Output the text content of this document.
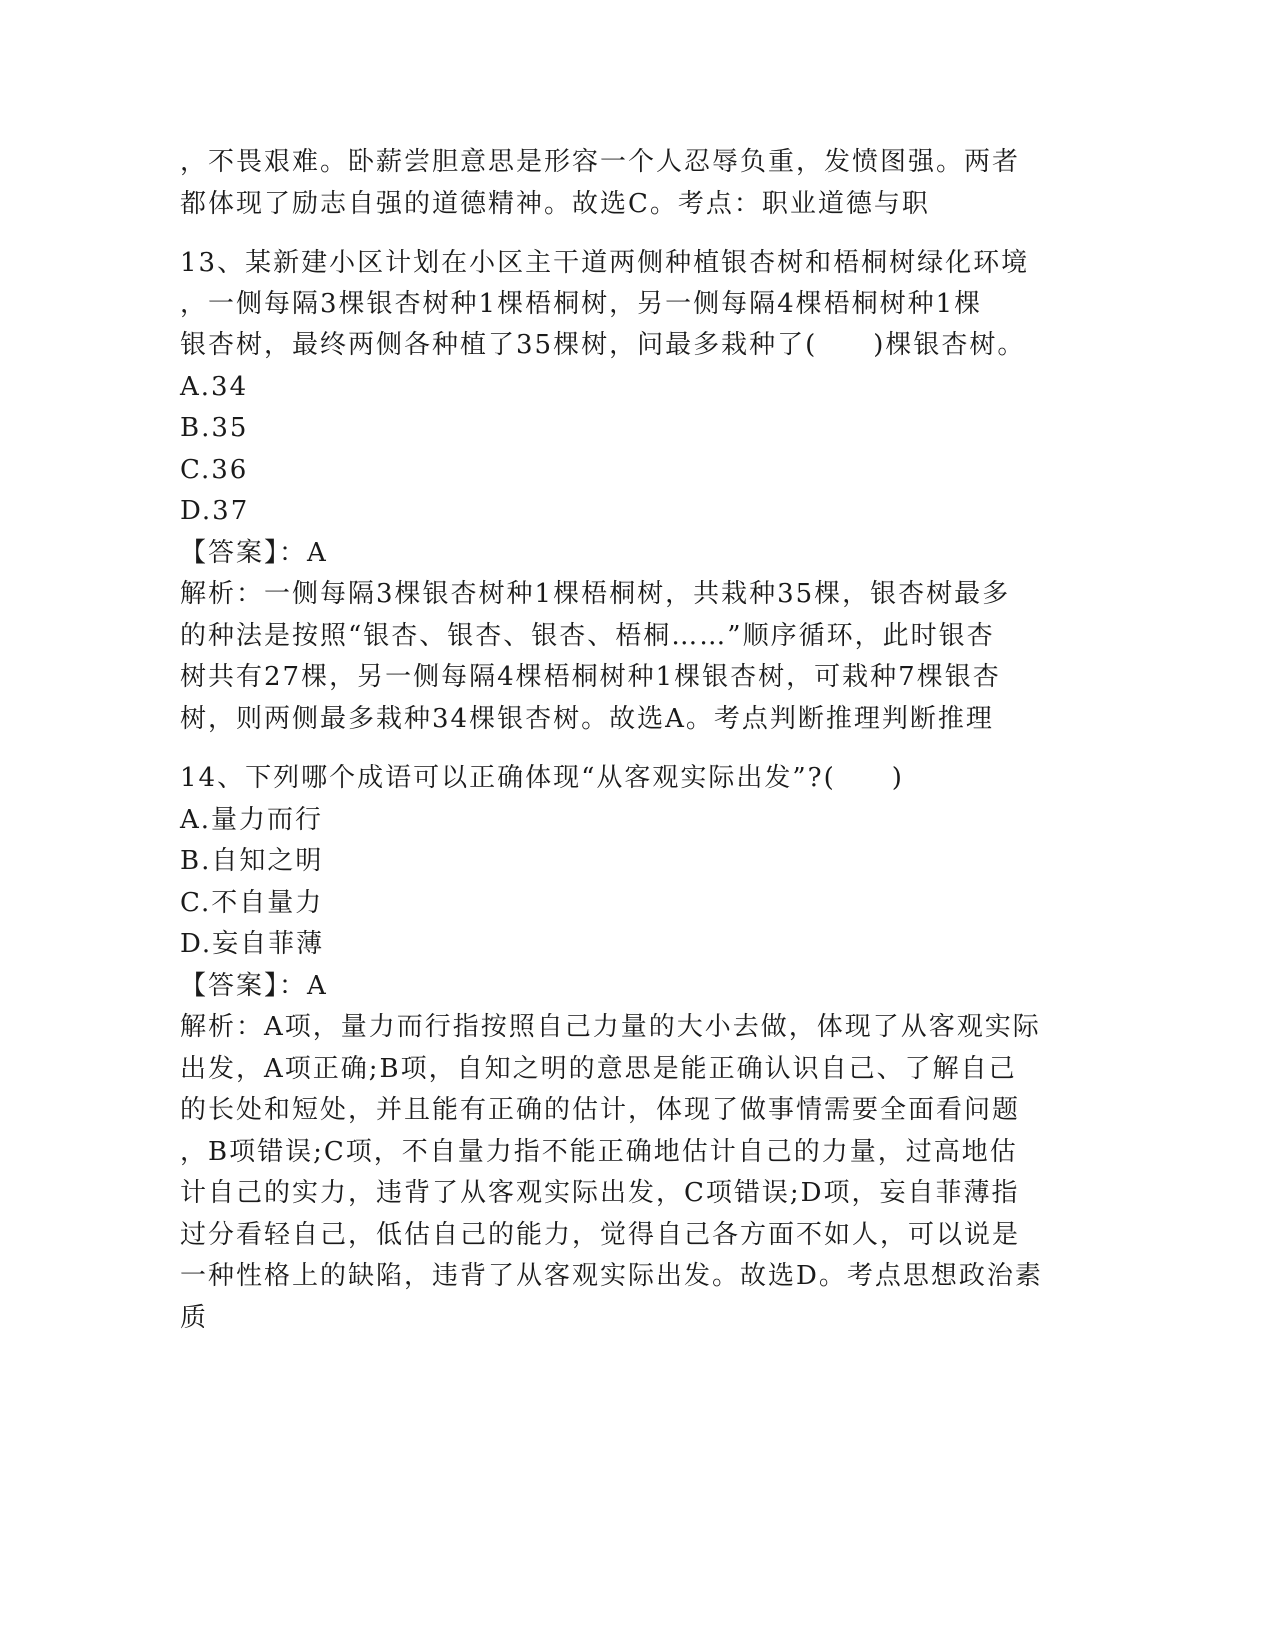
，不畏艰难。卧薪尝胆意思是形容一个人忍辱负重，发愤图强。两者
都体现了励志自强的道德精神。故选C。考点：职业道德与职
13、某新建小区计划在小区主干道两侧种植银杏树和梧桐树绿化环境
，一侧每隔3棵银杏树种1棵梧桐树，另一侧每隔4棵梧桐树种1棵
银杏树，最终两侧各种植了35棵树，问最多栽种了(　　)棵银杏树。
A.34
B.35
C.36
D.37
【答案】：A
解析：一侧每隔3棵银杏树种1棵梧桐树，共栽种35棵，银杏树最多
的种法是按照“银杏、银杏、银杏、梧桐……”顺序循环，此时银杏
树共有27棵，另一侧每隔4棵梧桐树种1棵银杏树，可栽种7棵银杏
树，则两侧最多栽种34棵银杏树。故选A。考点判断推理判断推理
14、下列哪个成语可以正确体现“从客观实际出发”?(　　)
A.量力而行
B.自知之明
C.不自量力
D.妄自菲薄
【答案】：A
解析：A项，量力而行指按照自己力量的大小去做，体现了从客观实际
出发，A项正确;B项，自知之明的意思是能正确认识自己、了解自己
的长处和短处，并且能有正确的估计，体现了做事情需要全面看问题
，B项错误;C项，不自量力指不能正确地估计自己的力量，过高地估
计自己的实力，违背了从客观实际出发，C项错误;D项，妄自菲薄指
过分看轻自己，低估自己的能力，觉得自己各方面不如人，可以说是
一种性格上的缺陷，违背了从客观实际出发。故选D。考点思想政治素
质
